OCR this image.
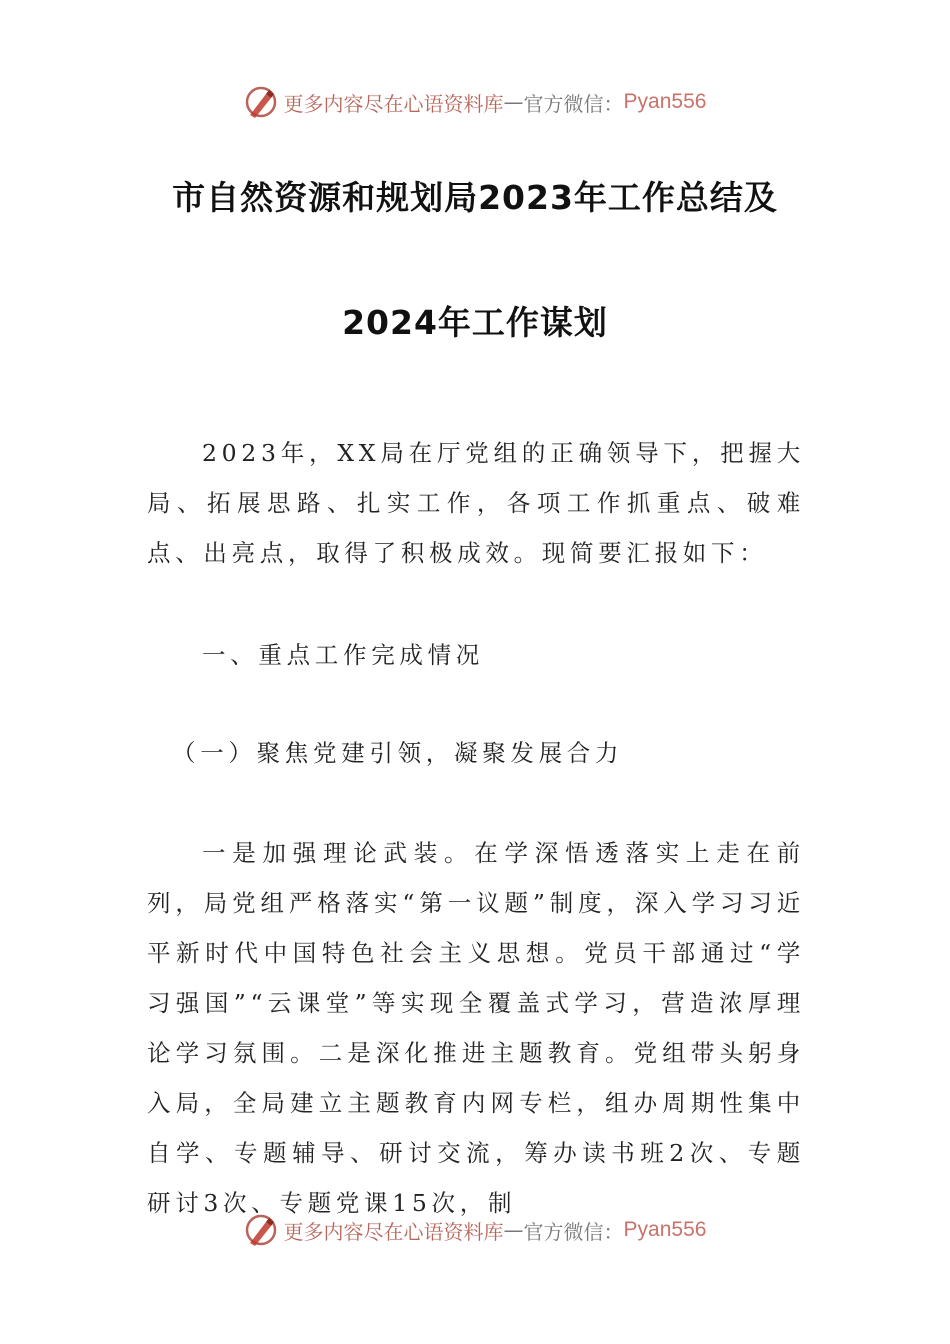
更多内容尽在心语资料库 — 官方微信： Pyan556
市自然资源和规划局2023年工作总结及
2024年工作谋划
2023年，XX局在厅党组的正确领导下，把握大局、拓展思路、扎实工作，各项工作抓重点、破难点、出亮点，取得了积极成效。现简要汇报如下：
一、重点工作完成情况
（一）聚焦党建引领，凝聚发展合力
一是加强理论武装。在学深悟透落实上走在前列，局党组严格落实“第一议题”制度，深入学习习近平新时代中国特色社会主义思想。党员干部通过“学习强国”“云课堂”等实现全覆盖式学习，营造浓厚理论学习氛围。二是深化推进主题教育。党组带头躬身入局，全局建立主题教育内网专栏，组办周期性集中自学、专题辅导、研讨交流，筹办读书班2次、专题研讨3次、专题党课15次，制
更多内容尽在心语资料库 — 官方微信： Pyan556
